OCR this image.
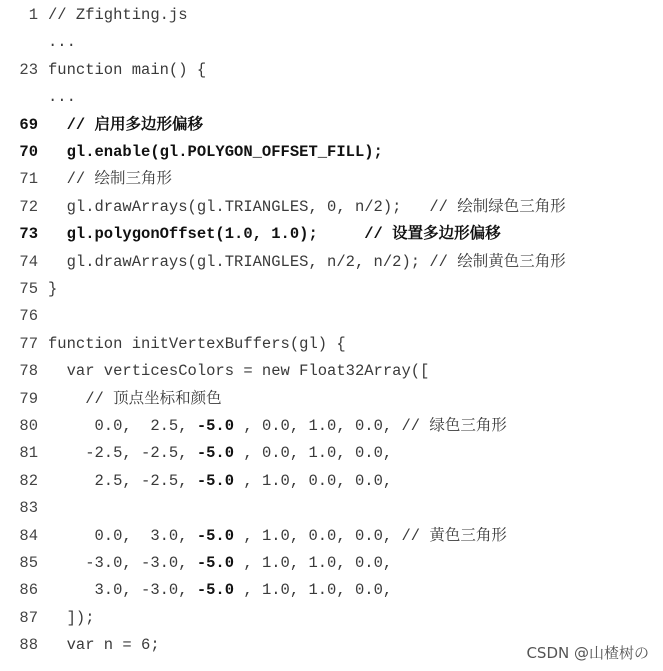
1 // Zfighting.js
...
23 function main() {
...
69 // 启用多边形偏移
70 gl.enable(gl.POLYGON_OFFSET_FILL);
71 // 绘制三角形
72 gl.drawArrays(gl.TRIANGLES, 0, n/2);   // 绘制绿色三角形
73 gl.polygonOffset(1.0, 1.0);     // 设置多边形偏移
74 gl.drawArrays(gl.TRIANGLES, n/2, n/2); // 绘制黄色三角形
75 }
76
77 function initVertexBuffers(gl) {
78 var verticesColors = new Float32Array([
79 // 顶点坐标和颜色
80 0.0,  2.5, -5.0 , 0.0, 1.0, 0.0, // 绿色三角形
81 -2.5, -2.5, -5.0 , 0.0, 1.0, 0.0,
82 2.5, -2.5, -5.0 , 1.0, 0.0, 0.0,
83
84 0.0,  3.0, -5.0 , 1.0, 0.0, 0.0, // 黄色三角形
85 -3.0, -3.0, -5.0 , 1.0, 1.0, 0.0,
86 3.0, -3.0, -5.0 , 1.0, 1.0, 0.0,
87 ]);
88 var n = 6;	CSDN @山楂树の
